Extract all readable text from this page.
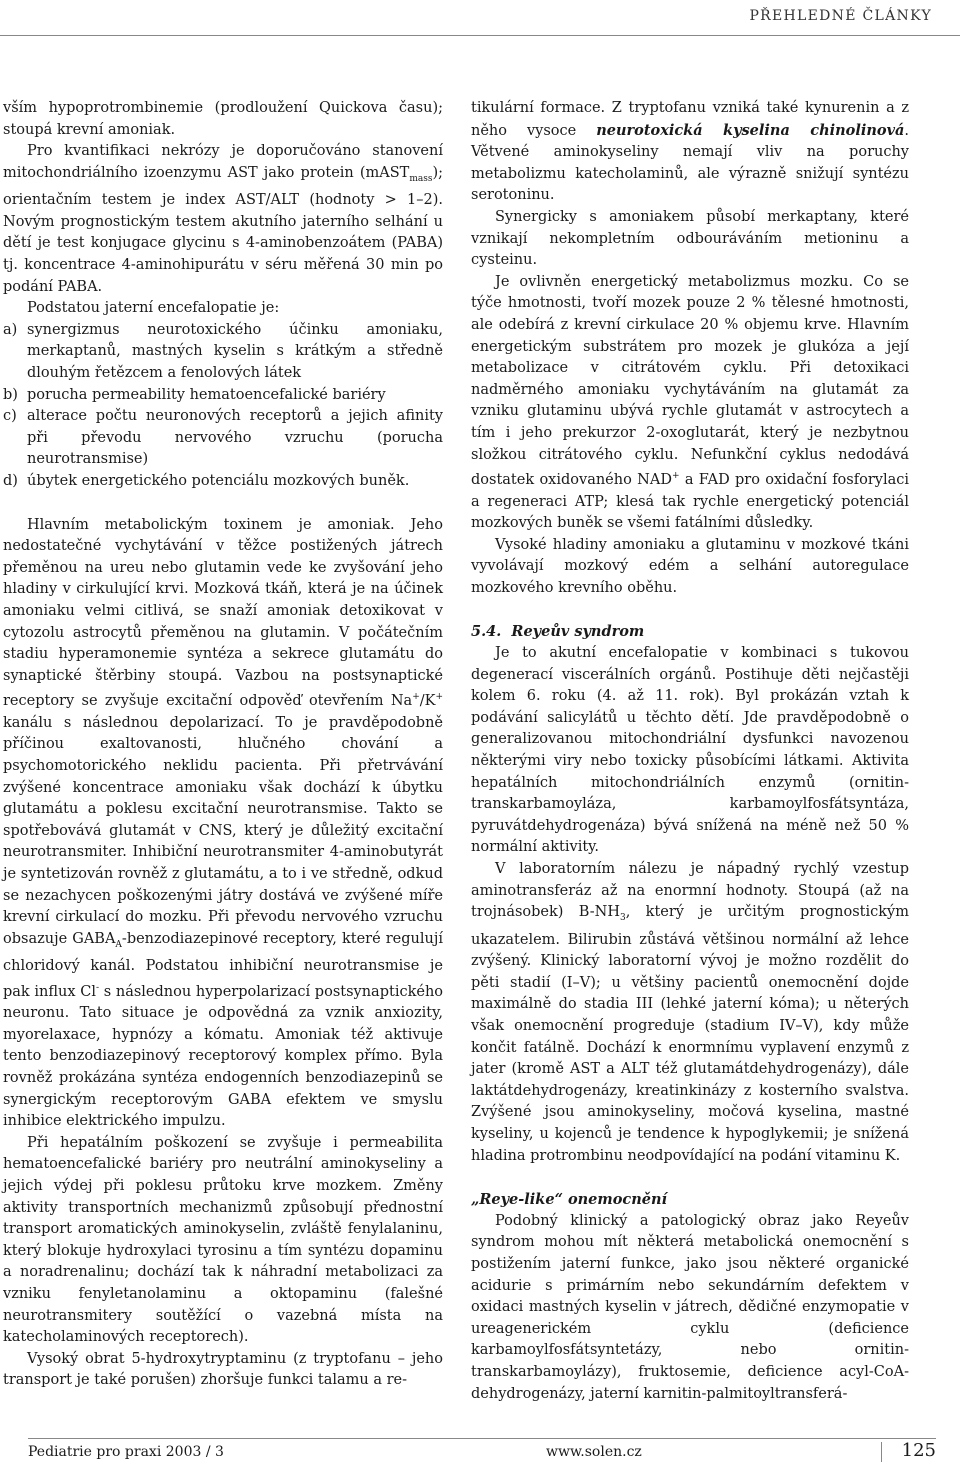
PŘEHLEDNÉ ČLÁNKY

vším hypoprotrombinemie (prodloužení Quickova času); stoupá krevní amoniak.

Pro kvantifikaci nekrózy je doporučováno stanovení mitochondriálního izoenzymu AST jako protein (mAST$_{mass}$); orientačním testem je index AST/ALT (hodnoty > 1–2). Novým prognostickým testem akutního jaterního selhání u dětí je test konjugace glycinu s 4-aminobenzoátem (PABA) tj. koncentrace 4-aminohipurátu v séru měřená 30 min po podání PABA.

Podstatou jaterní encefalopatie je:

a) synergizmus neurotoxického účinku amoniaku, merkaptanů, mastných kyselin s krátkým a středně dlouhým řetězcem a fenolových látek
b) porucha permeability hematoencefalické bariéry
c) alterace počtu neuronových receptorů a jejich afinity při převodu nervového vzruchu (porucha neurotransmise)
d) úbytek energetického potenciálu mozkových buněk.

Hlavním metabolickým toxinem je amoniak. Jeho nedostatečné vychytávání v těžce postižených játrech přeměnou na ureu nebo glutamin vede ke zvyšování jeho hladiny v cirkulující krvi. Mozková tkáň, která je na účinek amoniaku velmi citlivá, se snaží amoniak detoxikovat v cytozolu astrocytů přeměnou na glutamin. V počátečním stadiu hyperamonemie syntéza a sekrece glutamátu do synaptické štěrbiny stoupá. Vazbou na postsynaptické receptory se zvyšuje excitační odpověď otevřením Na+/K+ kanálu s následnou depolarizací. To je pravděpodobně příčinou exaltovanosti, hlučného chování a psychomotorického neklidu pacienta. Při přetrvávání zvýšené koncentrace amoniaku však dochází k úbytku glutamátu a poklesu excitační neurotransmise. Takto se spotřebovává glutamát v CNS, který je důležitý excitační neurotransmiter. Inhibiční neurotransmiter 4-aminobutyrát je syntetizován rovněž z glutamátu, a to i ve středně, odkud se nezachycen poškozenými játry dostává ve zvýšené míře krevní cirkulací do mozku. Při převodu nervového vzruchu obsazuje $GABA_A$-benzodiazepinové receptory, které regulují chloridový kanál. Podstatou inhibiční neurotransmise je pak influx Cl- s následnou hyperpolarizací postsynaptického neuronu. Tato situace je odpovědná za vznik anxiozity, myorelaxace, hypnózy a kómatu. Amoniak též aktivuje tento benzodiazepinový receptorový komplex přímo. Byla rovněž prokázána syntéza endogenních benzodiazepinů se synergickým receptorovým GABA efektem ve smyslu inhibice elektrického impulzu.

Při hepatálním poškození se zvyšuje i permeabilita hematoencefalické bariéry pro neutrální aminokyseliny a jejich výdej při poklesu průtoku krve mozkem. Změny aktivity transportních mechanizmů způsobují přednostní transport aromatických aminokyselin, zvláště fenylalaninu, který blokuje hydroxylaci tyrosinu a tím syntézu dopaminu a noradrenalinu; dochází tak k náhradní metabolizaci za vzniku fenyletanolaminu a oktopaminu (falešné neurotransmitery soutěžící o vazebná místa na katecholaminových receptorech).

Vysoký obrat 5-hydroxytryptaminu (z tryptofanu – jeho transport je také porušen) zhoršuje funkci talamu a re-

tikulární formace. Z tryptofanu vzniká také kynurenin a z něho vysoce neurotoxická kyselina chinolinová. Větvené aminokyseliny nemají vliv na poruchy metabolizmu katecholaminů, ale výrazně snižují syntézu serotoninu.

Synergicky s amoniakem působí merkaptany, které vznikají nekompletním odbouráváním metioninu a cysteinu.

Je ovlivněn energetický metabolizmus mozku. Co se týče hmotnosti, tvoří mozek pouze 2 % tělesné hmotnosti, ale odebírá z krevní cirkulace 20 % objemu krve. Hlavním energetickým substrátem pro mozek je glukóza a její metabolizace v citrátovém cyklu. Při detoxikaci nadměrného amoniaku vychytáváním na glutamát za vzniku glutaminu ubývá rychle glutamát v astrocytech a tím i jeho prekurzor 2-oxoglutarát, který je nezbytnou složkou citrátového cyklu. Nefunkční cyklus nedodává dostatek oxidovaného NAD+ a FAD pro oxidační fosforylaci a regeneraci ATP; klesá tak rychle energetický potenciál mozkových buněk se všemi fatálními důsledky.

Vysoké hladiny amoniaku a glutaminu v mozkové tkáni vyvolávají mozkový edém a selhání autoregulace mozkového krevního oběhu.

5.4. Reyeův syndrom

Je to akutní encefalopatie v kombinaci s tukovou degenerací viscerálních orgánů. Postihuje děti nejčastěji kolem 6. roku (4. až 11. rok). Byl prokázán vztah k podávání salicylátů u těchto dětí. Jde pravděpodobně o generalizovanou mitochondriální dysfunkci navozenou některými viry nebo toxicky působícími látkami. Aktivita hepatálních mitochondriálních enzymů (ornitin-transkarbamoyláza, karbamoylfosfátsyntáza, pyruvátdehydrogenáza) bývá snížená na méně než 50 % normální aktivity.

V laboratorním nálezu je nápadný rychlý vzestup aminotransferáz až na enormní hodnoty. Stoupá (až na trojnásobek) $B-NH_3$, který je určitým prognostickým ukazatelem. Bilirubin zůstává většinou normální až lehce zvýšený. Klinický laboratorní vývoj je možno rozdělit do pěti stadií (I–V); u většiny pacientů onemocnění dojde maximálně do stadia III (lehké jaterní kóma); u něterých však onemocnění progreduje (stadium IV–V), kdy může končit fatálně. Dochází k enormnímu vyplavení enzymů z jater (kromě AST a ALT též glutamátdehydrogenázy), dále laktátdehydrogenázy, kreatinkinázy z kosterního svalstva. Zvýšené jsou aminokyseliny, močová kyselina, mastné kyseliny, u kojenců je tendence k hypoglykemii; je snížená hladina protrombinu neodpovídající na podání vitaminu K.

„Reye-like“ onemocnění

Podobný klinický a patologický obraz jako Reyeův syndrom mohou mít některá metabolická onemocnění s postižením jaterní funkce, jako jsou některé organické acidurie s primárním nebo sekundárním defektem v oxidaci mastných kyselin v játrech, dědičné enzymopatie v ureagenerickém cyklu (deficience karbamoylfosfátsyntetázy, nebo ornitin-transkarbamoylázy), fruktosemie, deficience acyl-CoA-dehydrogenázy, jaterní karnitin-palmitoyltransferá-

Pediatrie pro praxi 2003 / 3	www.solen.cz	125
